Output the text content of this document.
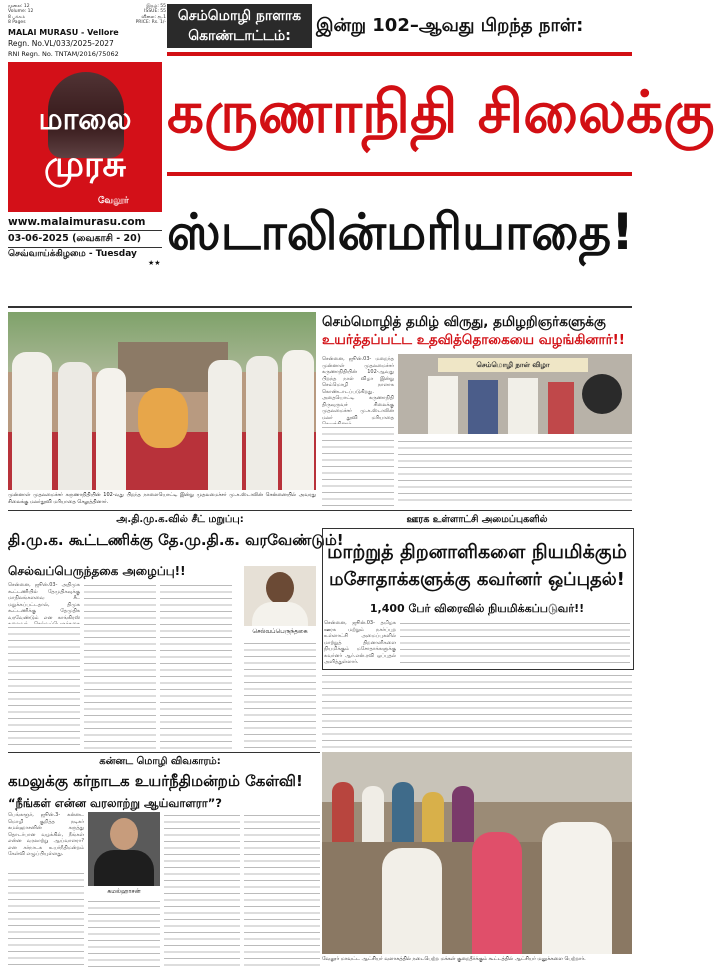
மூலை: 12
Volume: 12
8 பக்கம்
8 Pages
இதழ்: 55
ISSUE: 55
விலை: ரூ.1
PRICE: Rs. 1/-
MALAI MURASU - Vellore
Regn. No.VL/033/2025-2027
RNI Regn. No. TNTAM/2016/75062
மாலை
முரசு
வேலூர்
www.malaimurasu.com
03-06-2025 (வைகாசி - 20)
செவ்வாய்க்கிழமை - Tuesday
★★
செம்மொழி நாளாக
கொண்டாட்டம்:	இன்று 102–ஆவது பிறந்த நாள்:
கருணாநிதி சிலைக்கு
ஸ்டாலின்மரியாதை!
முன்னாள் முதலமைச்சர் கருணாநிதியின் 102-வது பிறந்த நாளையொட்டி இன்று முதலமைச்சர் மு.க.ஸ்டாலின் சென்னையில் அவரது சிலைக்கு மலர்தூவி மரியாதை செலுத்தினார்.
செம்மொழித் தமிழ் விருது, தமிழறிஞர்களுக்கு
உயர்த்தப்பட்ட உதவித்தொகையை வழங்கினார்!!
சென்னை, ஜூன்.03- மறைந்த முன்னாள் முதலமைச்சர் கருணாநிதியின் 102-ஆவது பிறந்த நாள் விழா இன்று செம்மொழி நாளாக கொண்டாடப்படுகிறது. அதையொட்டி கருணாநிதி திருவுருவச் சிலைக்கு முதலமைச்சர் மு.க.ஸ்டாலின் மலர் தூவி மரியாதை
செம்மொழி நாள் விழா
அ.தி.மு.க.வில் சீட் மறுப்பு:
தி.மு.க. கூட்டணிக்கு தே.மு.தி.க. வரவேண்டும்!
செல்வப்பெருந்தகை அழைப்பு!!
சென்னை, ஜூன்.03- அதிமுக கூட்டணியில் தேமுதிகவுக்கு மாநிலங்களவை சீட் மறுக்கப்பட்டதால், திமுக கூட்டணிக்கு தேமுதிக வரவேண்டும் என காங்கிரஸ்
செல்வப்பெருந்தகை
ஊரக உள்ளாட்சி அமைப்புகளில்
மாற்றுத் திறனாளிகளை நியமிக்கும்
மசோதாக்களுக்கு கவர்னர் ஒப்புதல்!
1,400 பேர் விரைவில் நியமிக்கப்படுவர்!!
சென்னை, ஜூன்.03- தமிழக ஊரக மற்றும் நகர்ப்புற உள்ளாட்சி அமைப்புகளில் மாற்றுத் திறனாளிகளை நியமிக்கும் மசோதாக்களுக்கு கவர்னர் ஆர்.என்.ரவி ஒப்புதல் அளித்துள்ளார்.
கன்னட மொழி விவகாரம்:
கமலுக்கு கர்நாடக உயர்நீதிமன்றம் கேள்வி!
“நீங்கள் என்ன வரலாற்று ஆய்வாளரா”?
பெங்களூர், ஜூன்.3- கன்னட மொழி குறித்த நடிகர் கமல்ஹாசனின் கருத்து தொடர்பான வழக்கில், நீங்கள் என்ன வரலாற்று ஆய்வாளரா? என கர்நாடக உயர்நீதிமன்றம் கேள்வி எழுப்பியுள்ளது.
கமல்ஹாசன்
வேலூர் மாவட்ட ஆட்சியர் வளாகத்தில் நடைபெற்ற மக்கள் குறைதீர்க்கும் கூட்டத்தில் ஆட்சியர் மனுக்களை பெற்றார்.
